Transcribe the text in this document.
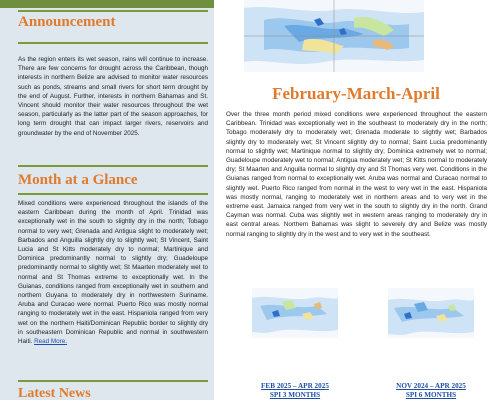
Announcement

As the region enters its wet season, rains will continue to increase. There are few concerns for drought across the Caribbean, though interests in northern Belize are advised to monitor water resources such as ponds, streams and small rivers for short term drought by the end of August. Further, interests in northern Bahamas and St. Vincent should monitor their water resources throughout the wet season, particularly as the latter part of the season approaches, for long term drought that can impact larger rivers, reservoirs and groundwater by the end of November 2025.

Month at a Glance

Mixed conditions were experienced throughout the islands of the eastern Caribbean during the month of April. Trinidad was exceptionally wet in the south to slightly dry in the north; Tobago normal to very wet; Grenada and Antigua slight to moderately wet; Barbados and Anguilla slightly dry to slightly wet; St Vincent, Saint Lucia and St Kitts moderately dry to normal; Martinique and Dominica predominantly normal to slightly dry; Guadeloupe predominantly normal to slightly wet; St Maarten moderately wet to normal and St Thomas extreme to exceptionally wet. In the Guianas, conditions ranged from exceptionally wet in southern and northern Guyana to moderately dry in northwestern Suriname. Aruba and Curacao were normal. Puerto Rico was mostly normal ranging to moderately wet in the east. Hispaniola ranged from very wet on the northern Haiti/Dominican Republic border to slightly dry in southeastern Dominican Republic and normal in southwestern Haiti. Read More.

Latest News
February-March-April

Over the three month period mixed conditions were experienced throughout the eastern Caribbean. Trinidad was exceptionally wet in the southeast to moderately dry in the north; Tobago moderately dry to moderately wet; Grenada moderate to slightly wet; Barbados slightly dry to moderately wet; St Vincent slightly dry to normal; Saint Lucia predominantly normal to slightly wet; Martinique normal to slightly dry; Dominica extremely wet to normal; Guadeloupe moderately wet to normal; Antigua moderately wet; St Kitts normal to moderately dry; St Maarten and Anguilla normal to slightly dry and St Thomas very wet. Conditions in the Guianas ranged from normal to exceptionally wet. Aruba was normal and Curacao normal to slightly wet. Puerto Rico ranged from normal in the west to very wet in the east. Hispaniola was mostly normal, ranging to moderately wet in northern areas and to very wet in the extreme east. Jamaica ranged from very wet in the south to slightly dry in the north. Grand Cayman was normal. Cuba was slightly wet in western areas ranging to moderately dry in east central areas. Northern Bahamas was slight to severely dry and Belize was mostly normal ranging to slightly dry in the west and to very wet in the southeast.

FEB 2025 – APR 2025
SPI 3 MONTHS
NOV 2024 – APR 2025
SPI 6 MONTHS
